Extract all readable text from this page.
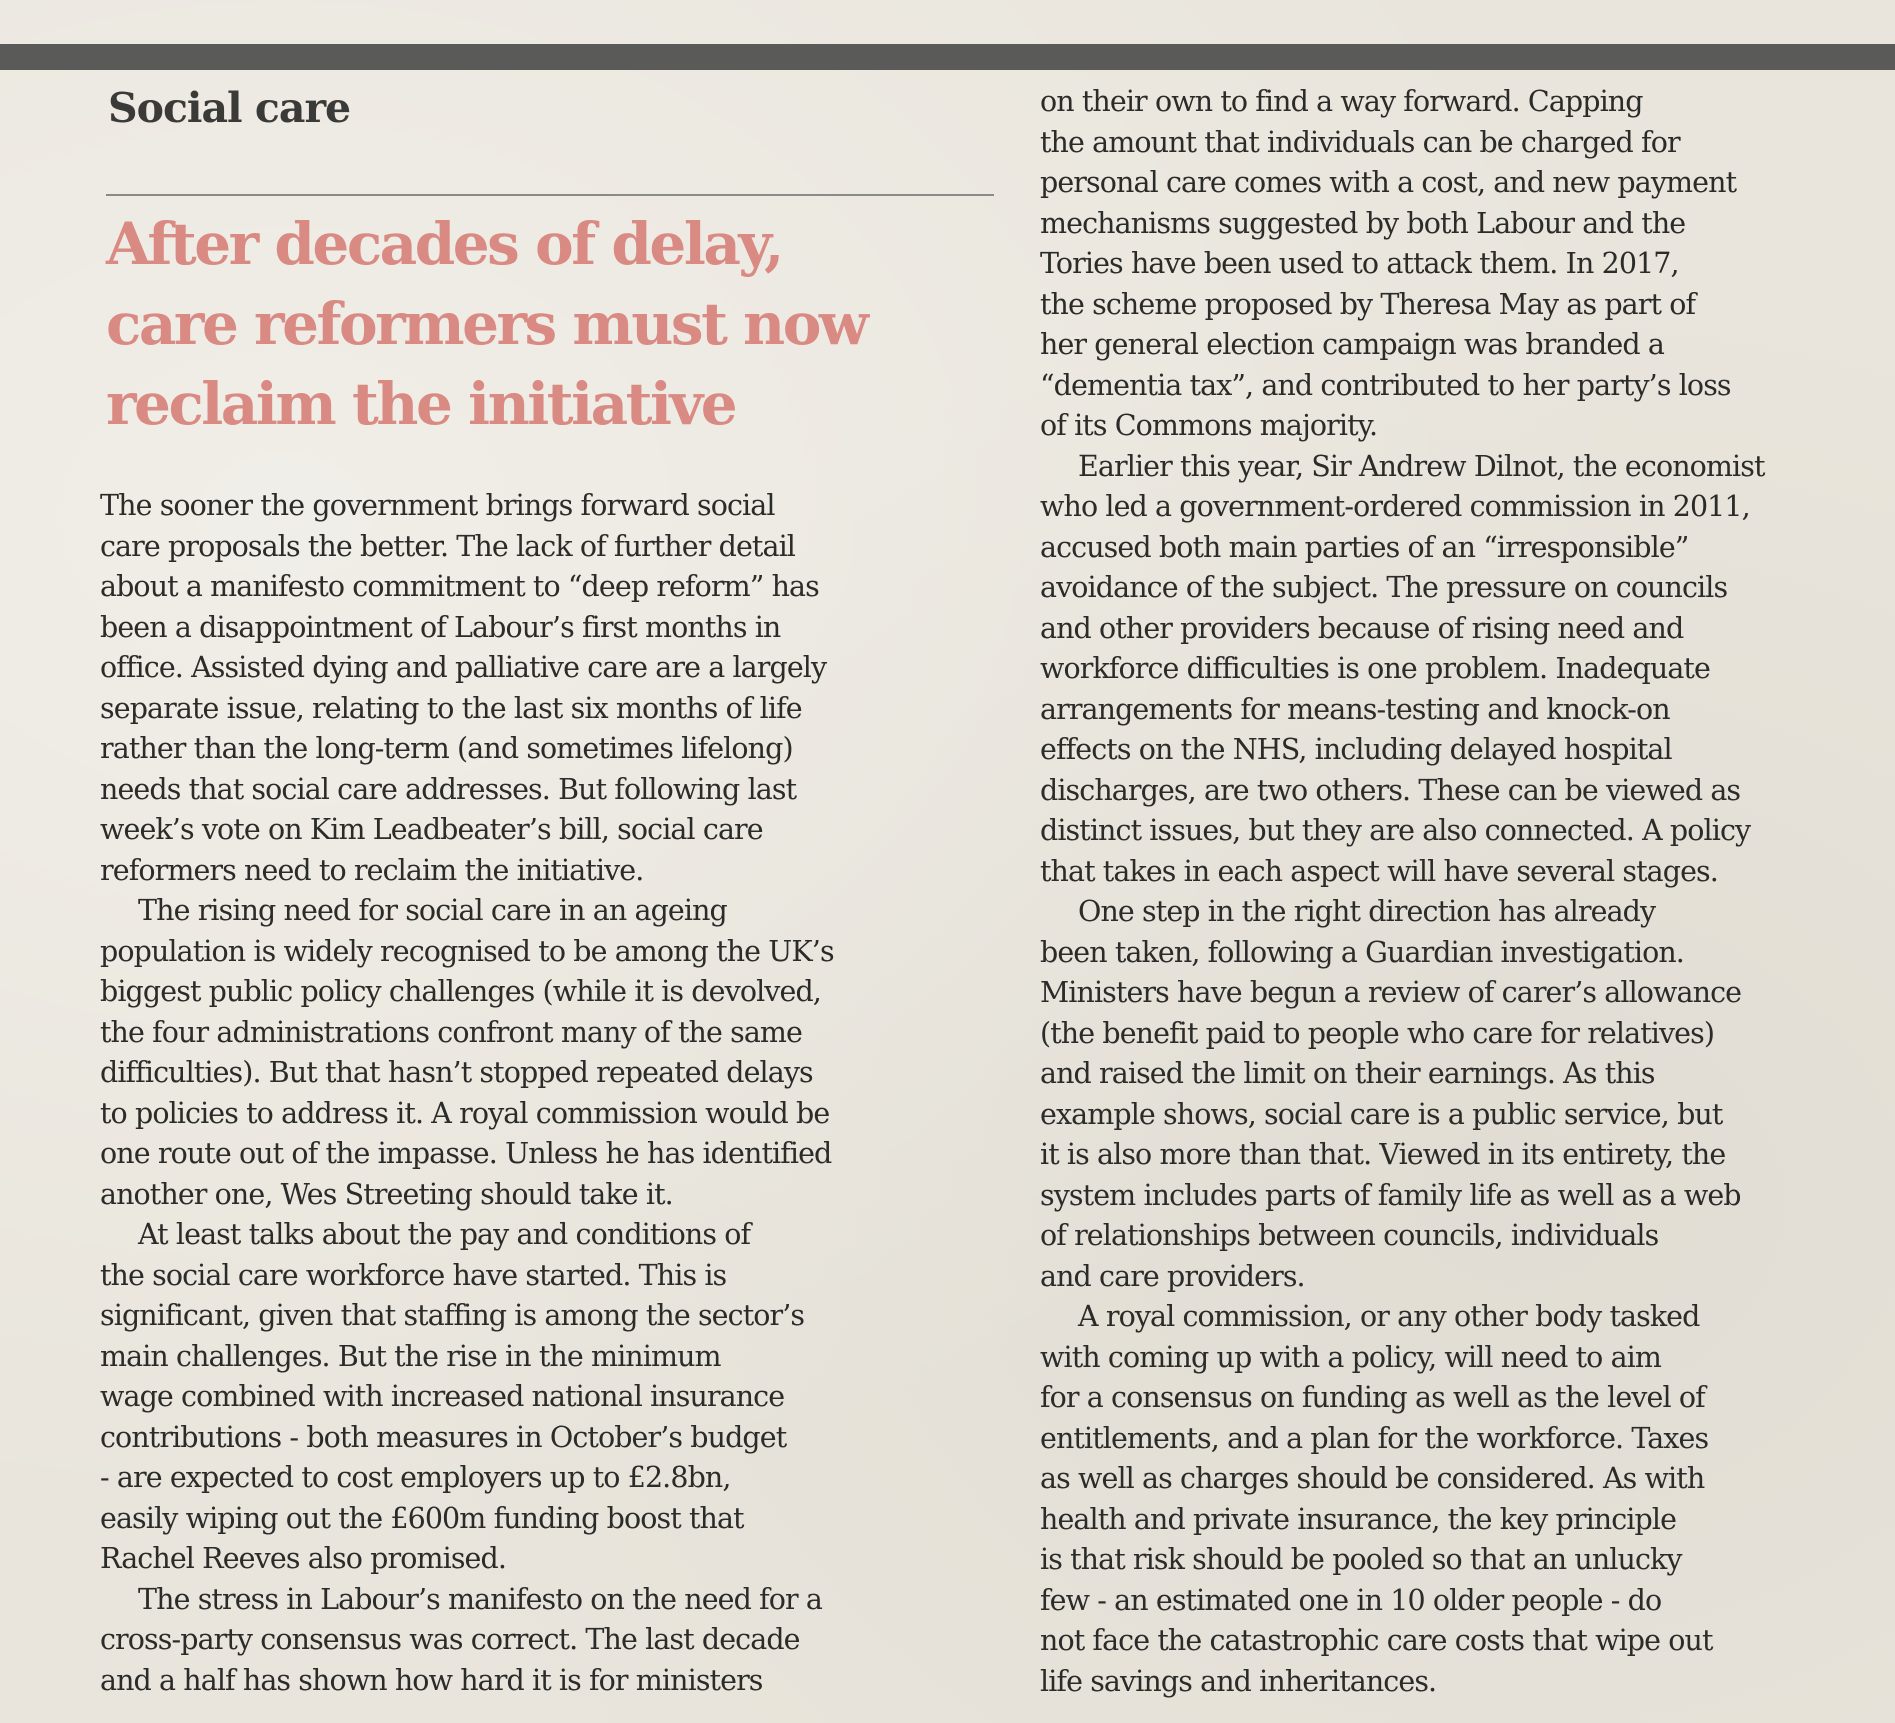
Social care
After decades of delay,
care reformers must now
reclaim the initiative

The sooner the government brings forward social
care proposals the better. The lack of further detail
about a manifesto commitment to “deep reform” has
been a disappointment of Labour’s first months in
office. Assisted dying and palliative care are a largely
separate issue, relating to the last six months of life
rather than the long-term (and sometimes lifelong)
needs that social care addresses. But following last
week’s vote on Kim Leadbeater’s bill, social care
reformers need to reclaim the initiative.

The rising need for social care in an ageing
population is widely recognised to be among the UK’s
biggest public policy challenges (while it is devolved,
the four administrations confront many of the same
difficulties). But that hasn’t stopped repeated delays
to policies to address it. A royal commission would be
one route out of the impasse. Unless he has identified
another one, Wes Streeting should take it.

At least talks about the pay and conditions of
the social care workforce have started. This is
significant, given that staffing is among the sector’s
main challenges. But the rise in the minimum
wage combined with increased national insurance
contributions - both measures in October’s budget
- are expected to cost employers up to £2.8bn,
easily wiping out the £600m funding boost that
Rachel Reeves also promised.

The stress in Labour’s manifesto on the need for a
cross-party consensus was correct. The last decade
and a half has shown how hard it is for ministers

on their own to find a way forward. Capping
the amount that individuals can be charged for
personal care comes with a cost, and new payment
mechanisms suggested by both Labour and the
Tories have been used to attack them. In 2017,
the scheme proposed by Theresa May as part of
her general election campaign was branded a
“dementia tax”, and contributed to her party’s loss
of its Commons majority.

Earlier this year, Sir Andrew Dilnot, the economist
who led a government-ordered commission in 2011,
accused both main parties of an “irresponsible”
avoidance of the subject. The pressure on councils
and other providers because of rising need and
workforce difficulties is one problem. Inadequate
arrangements for means-testing and knock-on
effects on the NHS, including delayed hospital
discharges, are two others. These can be viewed as
distinct issues, but they are also connected. A policy
that takes in each aspect will have several stages.

One step in the right direction has already
been taken, following a Guardian investigation.
Ministers have begun a review of carer’s allowance
(the benefit paid to people who care for relatives)
and raised the limit on their earnings. As this
example shows, social care is a public service, but
it is also more than that. Viewed in its entirety, the
system includes parts of family life as well as a web
of relationships between councils, individuals
and care providers.

A royal commission, or any other body tasked
with coming up with a policy, will need to aim
for a consensus on funding as well as the level of
entitlements, and a plan for the workforce. Taxes
as well as charges should be considered. As with
health and private insurance, the key principle
is that risk should be pooled so that an unlucky
few - an estimated one in 10 older people - do
not face the catastrophic care costs that wipe out
life savings and inheritances.
